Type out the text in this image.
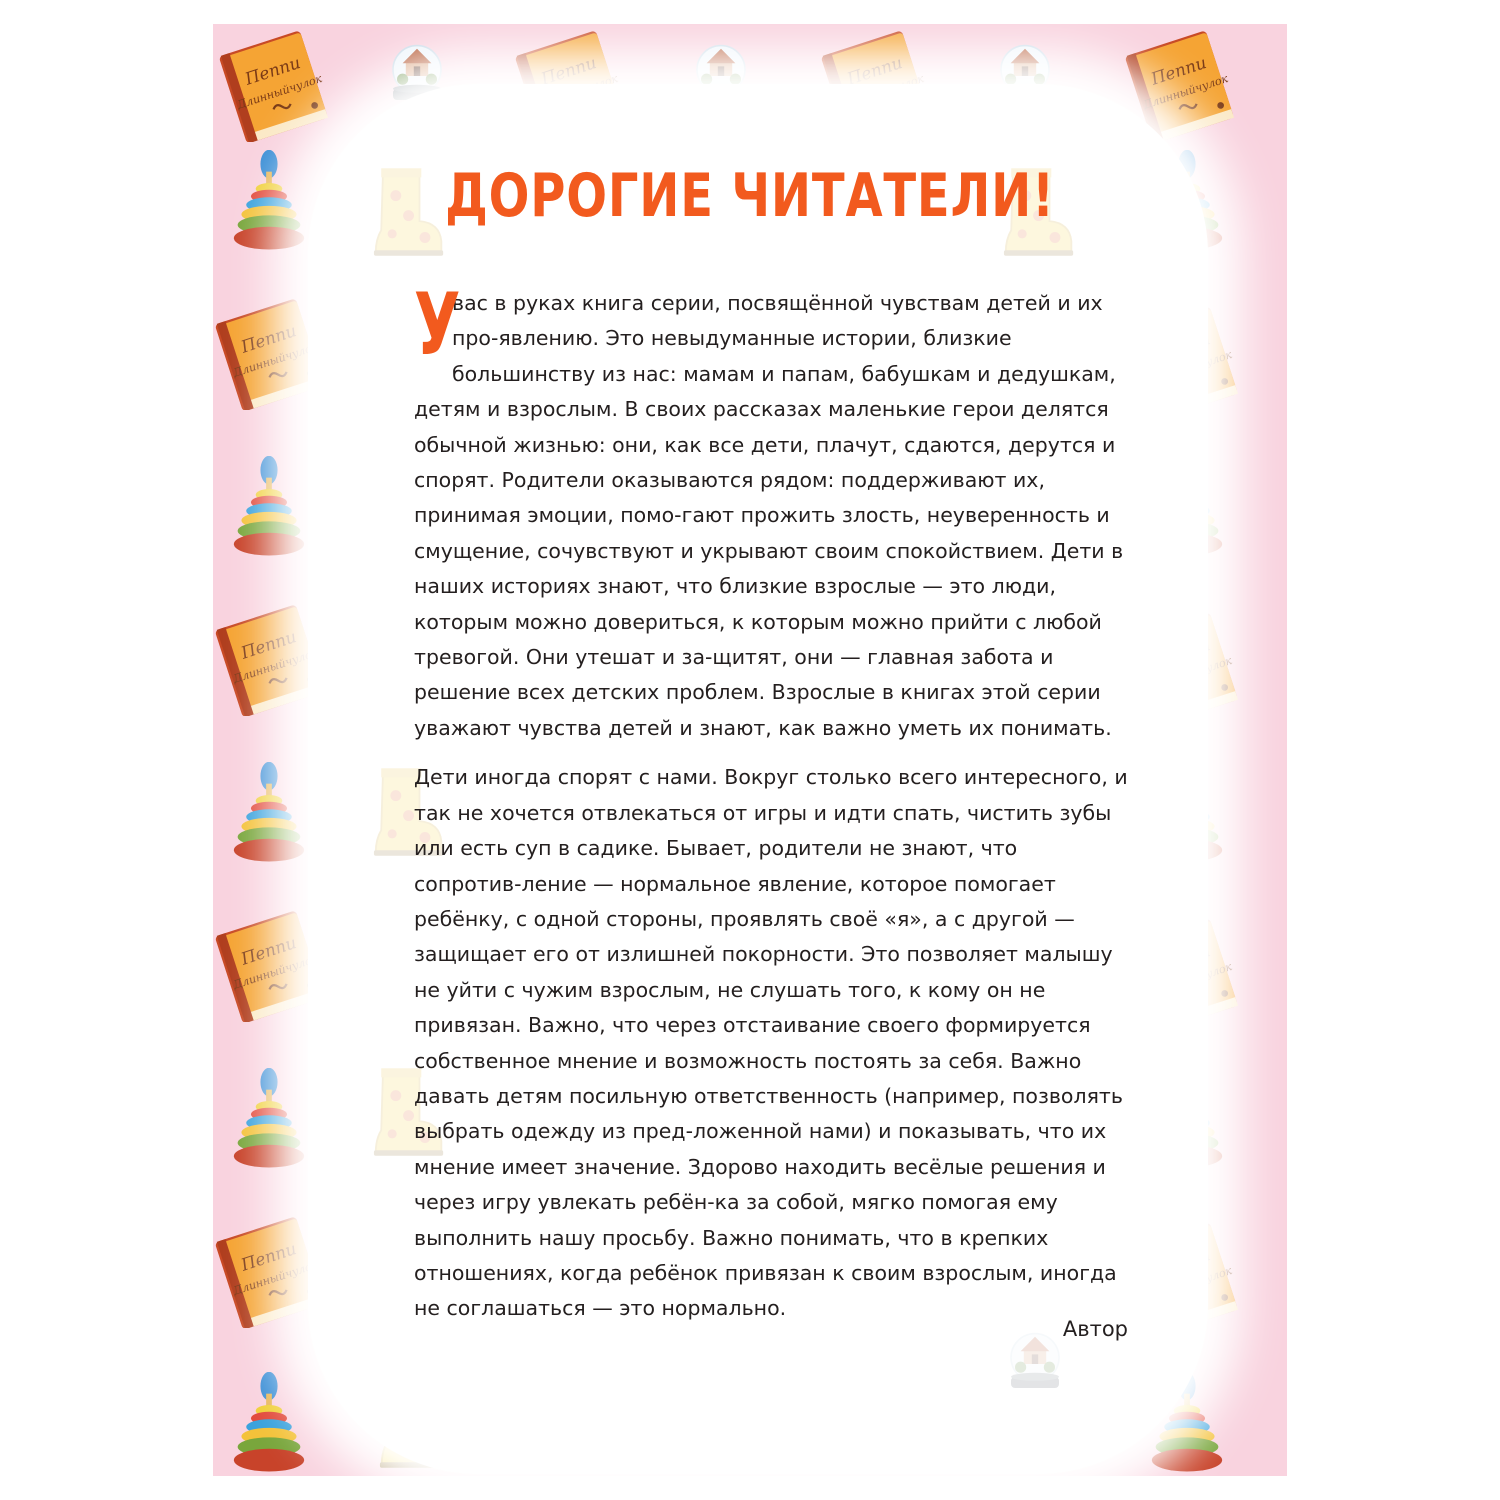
ДОРОГИЕ ЧИТАТЕЛИ!

У
вас в руках книга серии, посвящённой чувствам детей и их про-явлению. Это невыдуманные истории, близкие большинству из нас: мамам и папам, бабушкам и дедушкам, детям и взрослым. В своих рассказах маленькие герои делятся обычной жизнью: они, как все дети, плачут, сдаются, дерутся и спорят. Родители оказываются рядом: поддерживают их, принимая эмоции, помо-гают прожить злость, неуверенность и смущение, сочувствуют и укрывают своим спокойствием. Дети в наших историях знают, что близкие взрослые — это люди, которым можно довериться, к которым можно прийти с любой тревогой. Они утешат и за-щитят, они — главная забота и решение всех детских проблем. Взрослые в книгах этой серии уважают чувства детей и знают, как важно уметь их понимать.

Дети иногда спорят с нами. Вокруг столько всего интересного, и так не хочется отвлекаться от игры и идти спать, чистить зубы или есть суп в садике. Бывает, родители не знают, что сопротив-ление — нормальное явление, которое помогает ребёнку, с одной стороны, проявлять своё «я», а с другой — защищает его от излишней покорности. Это позволяет малышу не уйти с чужим взрослым, не слушать того, к кому он не привязан. Важно, что через отстаивание своего формируется собственное мнение и возможность постоять за себя. Важно давать детям посильную ответственность (например, позволять выбрать одежду из пред-ложенной нами) и показывать, что их мнение имеет значение. Здорово находить весёлые решения и через игру увлекать ребён-ка за собой, мягко помогая ему выполнить нашу просьбу. Важно понимать, что в крепких отношениях, когда ребёнок привязан к своим взрослым, иногда не соглашаться — это нормально.

Автор
